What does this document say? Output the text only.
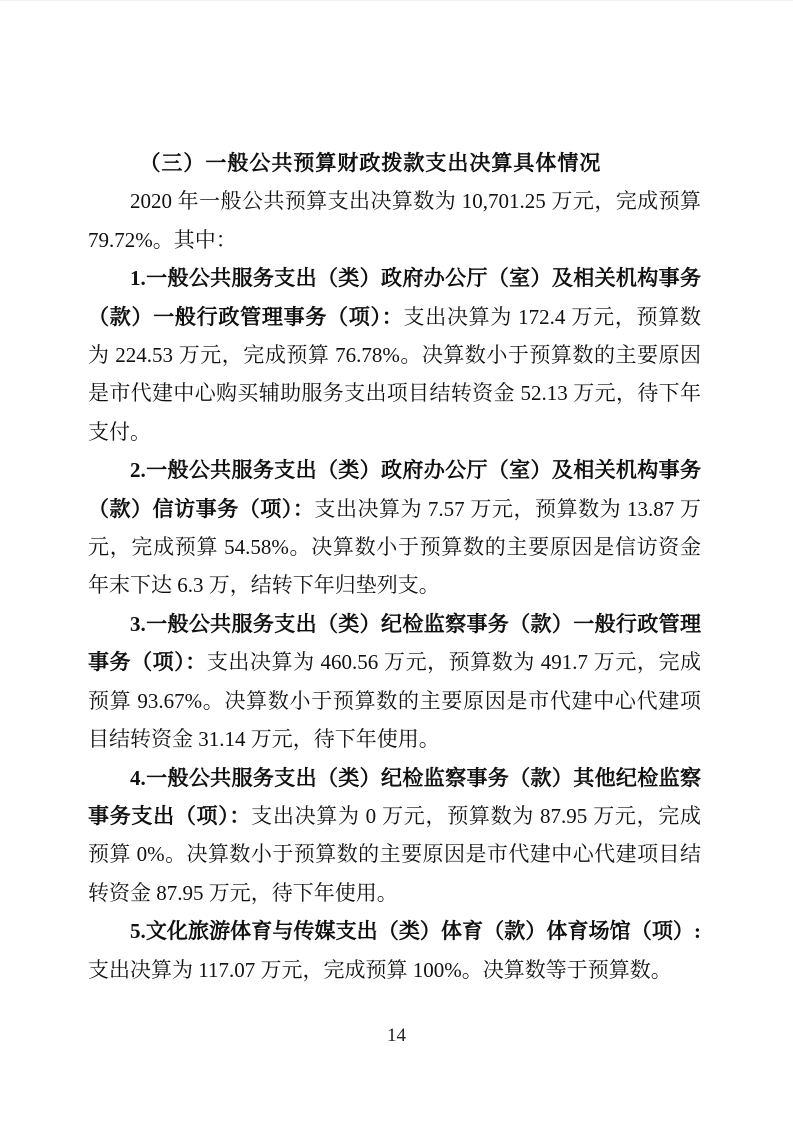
（三）一般公共预算财政拨款支出决算具体情况

2020 年一般公共预算支出决算数为 10,701.25 万元，完成预算 79.72%。其中：

1.一般公共服务支出（类）政府办公厅（室）及相关机构事务（款）一般行政管理事务（项）：支出决算为 172.4 万元，预算数为 224.53 万元，完成预算 76.78%。决算数小于预算数的主要原因是市代建中心购买辅助服务支出项目结转资金 52.13 万元，待下年支付。

2.一般公共服务支出（类）政府办公厅（室）及相关机构事务（款）信访事务（项）：支出决算为 7.57 万元，预算数为 13.87 万元，完成预算 54.58%。决算数小于预算数的主要原因是信访资金年末下达 6.3 万，结转下年归垫列支。

3.一般公共服务支出（类）纪检监察事务（款）一般行政管理事务（项）：支出决算为 460.56 万元，预算数为 491.7 万元，完成预算 93.67%。决算数小于预算数的主要原因是市代建中心代建项目结转资金 31.14 万元，待下年使用。

4.一般公共服务支出（类）纪检监察事务（款）其他纪检监察事务支出（项）：支出决算为 0 万元，预算数为 87.95 万元，完成预算 0%。决算数小于预算数的主要原因是市代建中心代建项目结转资金 87.95 万元，待下年使用。

5.文化旅游体育与传媒支出（类）体育（款）体育场馆（项）:支出决算为 117.07 万元，完成预算 100%。决算数等于预算数。

14
